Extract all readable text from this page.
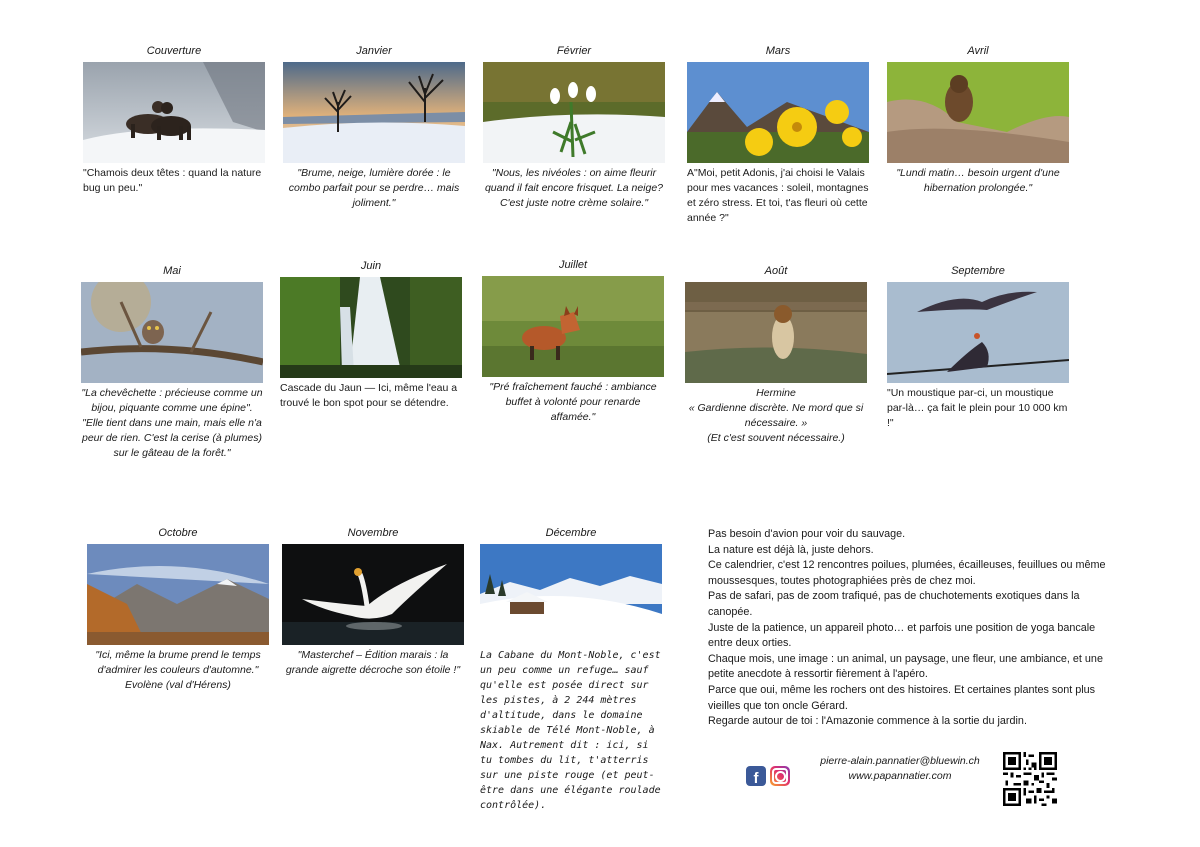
Couverture
"Chamois deux têtes : quand la nature bug un peu."
Janvier
"Brume, neige, lumière dorée : le combo parfait pour se perdre… mais joliment."
Février
"Nous, les nivéoles : on aime fleurir quand il fait encore frisquet. La neige? C'est juste notre crème solaire."
Mars
A"Moi, petit Adonis, j'ai choisi le Valais pour mes vacances : soleil, montagnes et zéro stress. Et toi, t'as fleuri où cette année ?"
Avril
"Lundi matin… besoin urgent d'une hibernation prolongée."
Mai
"La chevêchette : précieuse comme un bijou, piquante comme une épine". "Elle tient dans une main, mais elle n'a peur de rien. C'est la cerise (à plumes) sur le gâteau de la forêt."
Juin
Cascade du Jaun — Ici, même l'eau a trouvé le bon spot pour se détendre.
Juillet
"Pré fraîchement fauché : ambiance buffet à volonté pour renarde affamée."
Août
Hermine
« Gardienne discrète. Ne mord que si nécessaire. »
(Et c'est souvent nécessaire.)
Septembre
"Un moustique par-ci, un moustique par-là… ça fait le plein pour 10 000 km !"
Octobre
"Ici, même la brume prend le temps d'admirer les couleurs d'automne."
Evolène (val d'Hérens)
Novembre
"Masterchef – Édition marais : la grande aigrette décroche son étoile !"
Décembre
La Cabane du Mont-Noble, c'est un peu comme un refuge… sauf qu'elle est posée direct sur les pistes, à 2 244 mètres d'altitude, dans le domaine skiable de Télé Mont-Noble, à Nax. Autrement dit : ici, si tu tombes du lit, t'atterris sur une piste rouge (et peut-être dans une élégante roulade contrôlée).

Pas besoin d'avion pour voir du sauvage.

La nature est déjà là, juste dehors.

Ce calendrier, c'est 12 rencontres poilues, plumées, écailleuses, feuillues ou même moussesques, toutes photographiées près de chez moi.

Pas de safari, pas de zoom trafiqué, pas de chuchotements exotiques dans la canopée.

Juste de la patience, un appareil photo… et parfois une position de yoga bancale entre deux orties.

Chaque mois, une image : un animal, un paysage, une fleur, une ambiance, et une petite anecdote à ressortir fièrement à l'apéro.

Parce que oui, même les rochers ont des histoires. Et certaines plantes sont plus vieilles que ton oncle Gérard.

Regarde autour de toi : l'Amazonie commence à la sortie du jardin.

f
pierre-alain.pannatier@bluewin.ch
www.papannatier.com
